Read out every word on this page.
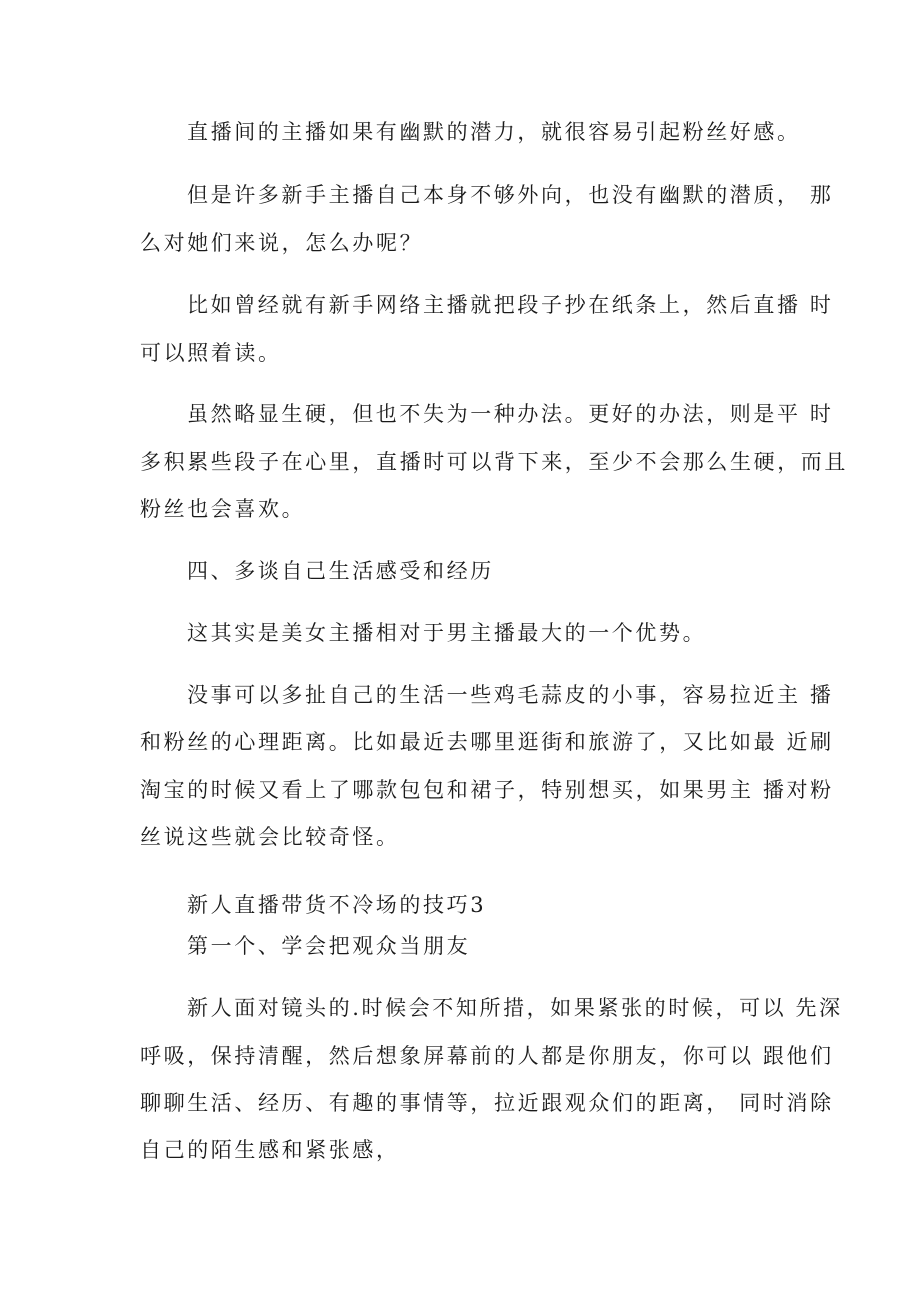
直播间的主播如果有幽默的潜力，就很容易引起粉丝好感。
但是许多新手主播自己本身不够外向，也没有幽默的潜质， 那
么对她们来说，怎么办呢？
比如曾经就有新手网络主播就把段子抄在纸条上，然后直播 时
可以照着读。
虽然略显生硬，但也不失为一种办法。更好的办法，则是平 时
多积累些段子在心里，直播时可以背下来，至少不会那么生硬，而且
粉丝也会喜欢。
四、多谈自己生活感受和经历
这其实是美女主播相对于男主播最大的一个优势。
没事可以多扯自己的生活一些鸡毛蒜皮的小事，容易拉近主 播
和粉丝的心理距离。比如最近去哪里逛街和旅游了，又比如最 近刷
淘宝的时候又看上了哪款包包和裙子，特别想买，如果男主 播对粉
丝说这些就会比较奇怪。
新人直播带货不冷场的技巧3
第一个、学会把观众当朋友
新人面对镜头的.时候会不知所措，如果紧张的时候，可以 先深
呼吸，保持清醒，然后想象屏幕前的人都是你朋友，你可以 跟他们
聊聊生活、经历、有趣的事情等，拉近跟观众们的距离， 同时消除
自己的陌生感和紧张感，
